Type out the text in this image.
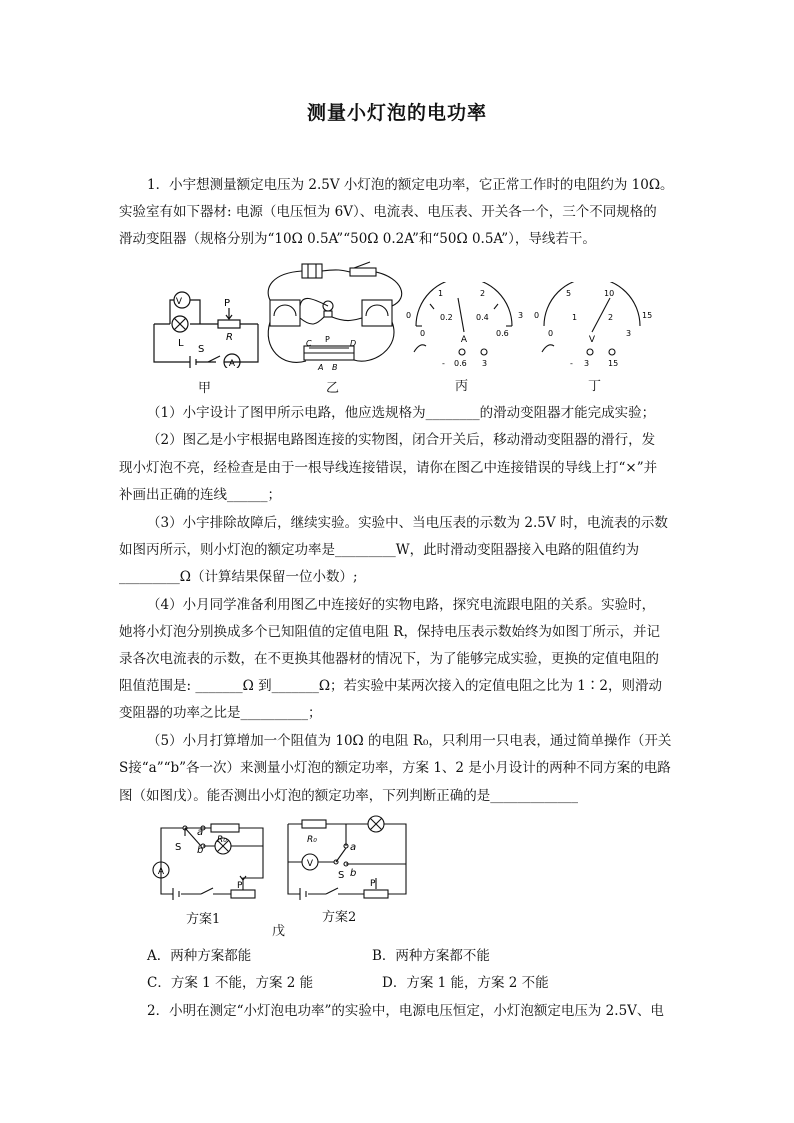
测量小灯泡的电功率
1．小宇想测量额定电压为 2.5V 小灯泡的额定电功率，它正常工作时的电阻约为 10Ω。
实验室有如下器材: 电源（电压恒为 6V）、电流表、电压表、开关各一个，三个不同规格的
滑动变阻器（规格分别为“10Ω 0.5A”“50Ω 0.2A”和“50Ω 0.5A”），导线若干。
V
A
L
S
P
R
甲
P
C	D
A B
乙
A
0
1	2
3
0
0.2	0.4
0.6
- 0.6 3
丙
V
0
5	10
15
0
1	2
3
- 3 15
丁
（1）小宇设计了图甲所示电路，他应选规格为________的滑动变阻器才能完成实验；
（2）图乙是小宇根据电路图连接的实物图，闭合开关后，移动滑动变阻器的滑行，发
现小灯泡不亮，经检查是由于一根导线连接错误，请你在图乙中连接错误的导线上打“×”并
补画出正确的连线______；
（3）小宇排除故障后，继续实验。实验中、当电压表的示数为 2.5V 时，电流表的示数
如图丙所示，则小灯泡的额定功率是_________W，此时滑动变阻器接入电路的阻值约为
_________Ω（计算结果保留一位小数）;
（4）小月同学准备利用图乙中连接好的实物电路，探究电流跟电阻的关系。实验时，
她将小灯泡分别换成多个已知阻值的定值电阻 R，保持电压表示数始终为如图丁所示，并记
录各次电流表的示数，在不更换其他器材的情况下，为了能够完成实验，更换的定值电阻的
阻值范围是: _______Ω 到_______Ω；若实验中某两次接入的定值电阻之比为 1∶2，则滑动
变阻器的功率之比是__________；
（5）小月打算增加一个阻值为 10Ω 的电阻 R₀，只利用一只电表，通过简单操作（开关
S接“a”“b”各一次）来测量小灯泡的额定功率，方案 1、2 是小月设计的两种不同方案的电路
图（如图戊）。能否测出小灯泡的额定功率，下列判断正确的是_____________
A
a
b
S
R₀
P
方案1
V
R₀
a
b
S
P
方案2
戊
A．两种方案都能	B．两种方案都不能
C．方案 1 不能，方案 2 能	D．方案 1 能，方案 2 不能
2．小明在测定“小灯泡电功率”的实验中，电源电压恒定，小灯泡额定电压为 2.5V、电
